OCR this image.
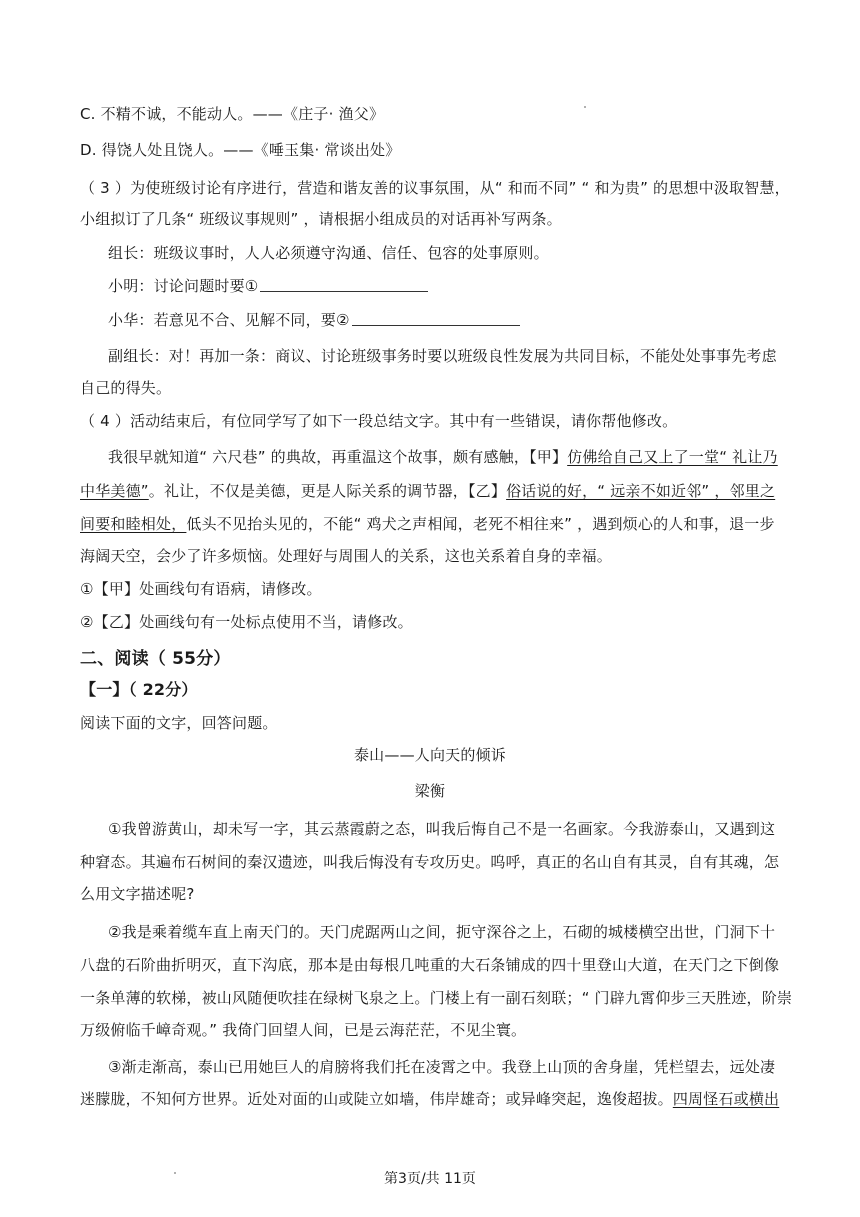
C. 不精不诚，不能动人。——《庄子· 渔父》
D. 得饶人处且饶人。——《唾玉集· 常谈出处》
（ 3 ）为使班级讨论有序进行，营造和谐友善的议事氛围，从“ 和而不同” “ 和为贵” 的思想中汲取智慧，
小组拟订了几条“ 班级议事规则” ，请根据小组成员的对话再补写两条。
组长：班级议事时，人人必须遵守沟通、信任、包容的处事原则。
小明：讨论问题时要①
小华：若意见不合、见解不同，要②
副组长：对！再加一条：商议、讨论班级事务时要以班级良性发展为共同目标，不能处处事事先考虑
自己的得失。
（ 4 ）活动结束后，有位同学写了如下一段总结文字。其中有一些错误，请你帮他修改。
我很早就知道“ 六尺巷” 的典故，再重温这个故事，颇有感触，【甲】仿佛给自己又上了一堂“ 礼让乃
中华美德”。礼让，不仅是美德，更是人际关系的调节器，【乙】俗话说的好，“ 远亲不如近邻” ，邻里之
间要和睦相处，低头不见抬头见的，不能“ 鸡犬之声相闻，老死不相往来” ，遇到烦心的人和事，退一步
海阔天空，会少了许多烦恼。处理好与周围人的关系，这也关系着自身的幸福。
①【甲】处画线句有语病，请修改。
②【乙】处画线句有一处标点使用不当，请修改。
二、阅读（ 55分）
【一】（ 22分）
阅读下面的文字，回答问题。
泰山——人向天的倾诉
梁衡
①我曾游黄山，却未写一字，其云蒸霞蔚之态，叫我后悔自己不是一名画家。今我游泰山，又遇到这
种窘态。其遍布石树间的秦汉遗迹，叫我后悔没有专攻历史。呜呼，真正的名山自有其灵，自有其魂，怎
么用文字描述呢?
②我是乘着缆车直上南天门的。天门虎踞两山之间，扼守深谷之上，石砌的城楼横空出世，门洞下十
八盘的石阶曲折明灭，直下沟底，那本是由每根几吨重的大石条铺成的四十里登山大道，在天门之下倒像
一条单薄的软梯，被山风随便吹挂在绿树飞泉之上。门楼上有一副石刻联；“ 门辟九霄仰步三天胜迹，阶崇
万级俯临千嶂奇观。” 我倚门回望人间，已是云海茫茫，不见尘寰。
③渐走渐高，泰山已用她巨人的肩膀将我们托在凌霄之中。我登上山顶的舍身崖，凭栏望去，远处凄
迷朦胧，不知何方世界。近处对面的山或陡立如墙，伟岸雄奇；或异峰突起，逸俊超拔。四周怪石或横出
第3页/共 11页
